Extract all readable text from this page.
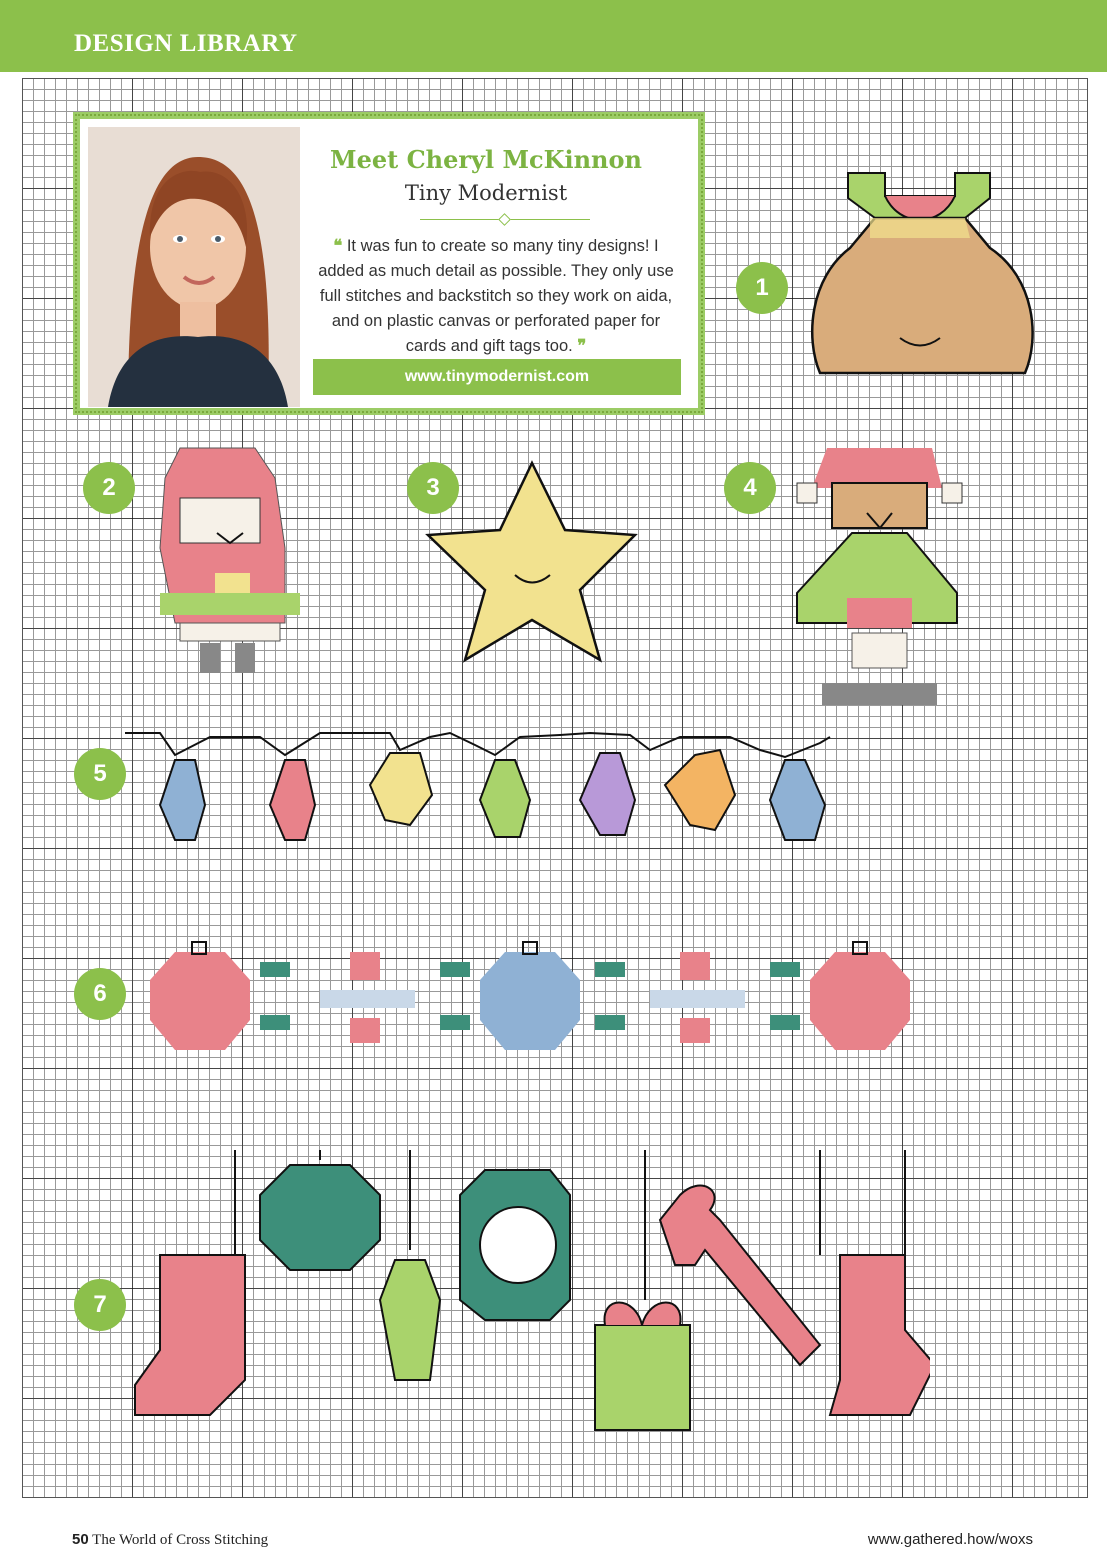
DESIGN LIBRARY
Meet Cheryl McKinnon
Tiny Modernist
❝ It was fun to create so many tiny designs! I added as much detail as possible. They only use full stitches and backstitch so they work on aida, and on plastic canvas or perforated paper for cards and gift tags too. ❞
www.tinymodernist.com
1
2	3	4
5
6
7
50 The World of Cross Stitching	www.gathered.how/woxs
